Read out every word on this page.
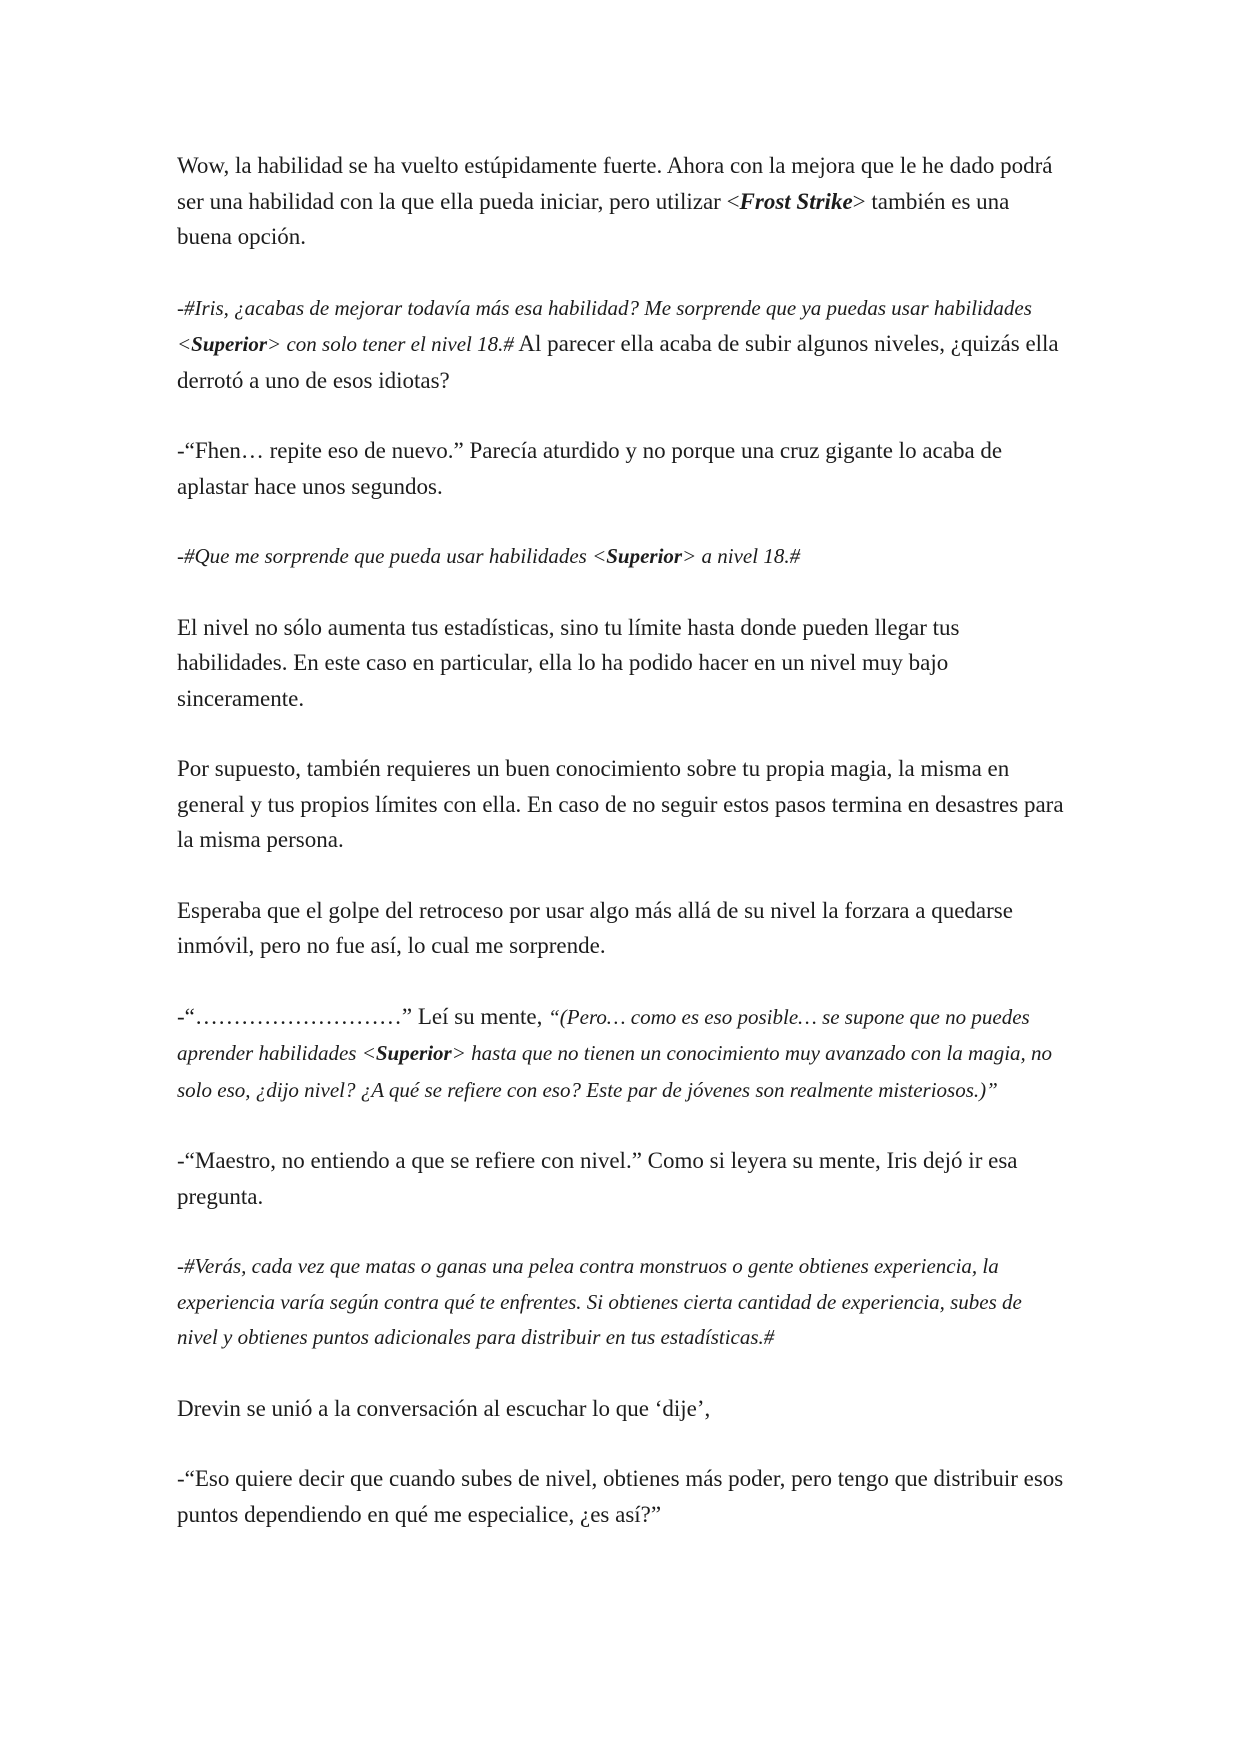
Wow, la habilidad se ha vuelto estúpidamente fuerte. Ahora con la mejora que le he dado podrá ser una habilidad con la que ella pueda iniciar, pero utilizar <Frost Strike> también es una buena opción.

-#Iris, ¿acabas de mejorar todavía más esa habilidad? Me sorprende que ya puedas usar habilidades <Superior> con solo tener el nivel 18.# Al parecer ella acaba de subir algunos niveles, ¿quizás ella derrotó a uno de esos idiotas?

-“Fhen… repite eso de nuevo.” Parecía aturdido y no porque una cruz gigante lo acaba de aplastar hace unos segundos.

-#Que me sorprende que pueda usar habilidades <Superior> a nivel 18.#

El nivel no sólo aumenta tus estadísticas, sino tu límite hasta donde pueden llegar tus habilidades. En este caso en particular, ella lo ha podido hacer en un nivel muy bajo sinceramente.

Por supuesto, también requieres un buen conocimiento sobre tu propia magia, la misma en general y tus propios límites con ella. En caso de no seguir estos pasos termina en desastres para la misma persona.

Esperaba que el golpe del retroceso por usar algo más allá de su nivel la forzara a quedarse inmóvil, pero no fue así, lo cual me sorprende.

-“………………………” Leí su mente, “(Pero… como es eso posible… se supone que no puedes aprender habilidades <Superior> hasta que no tienen un conocimiento muy avanzado con la magia, no solo eso, ¿dijo nivel? ¿A qué se refiere con eso? Este par de jóvenes son realmente misteriosos.)”

-“Maestro, no entiendo a que se refiere con nivel.” Como si leyera su mente, Iris dejó ir esa pregunta.

-#Verás, cada vez que matas o ganas una pelea contra monstruos o gente obtienes experiencia, la experiencia varía según contra qué te enfrentes. Si obtienes cierta cantidad de experiencia, subes de nivel y obtienes puntos adicionales para distribuir en tus estadísticas.#

Drevin se unió a la conversación al escuchar lo que ‘dije’,

-“Eso quiere decir que cuando subes de nivel, obtienes más poder, pero tengo que distribuir esos puntos dependiendo en qué me especialice, ¿es así?”
